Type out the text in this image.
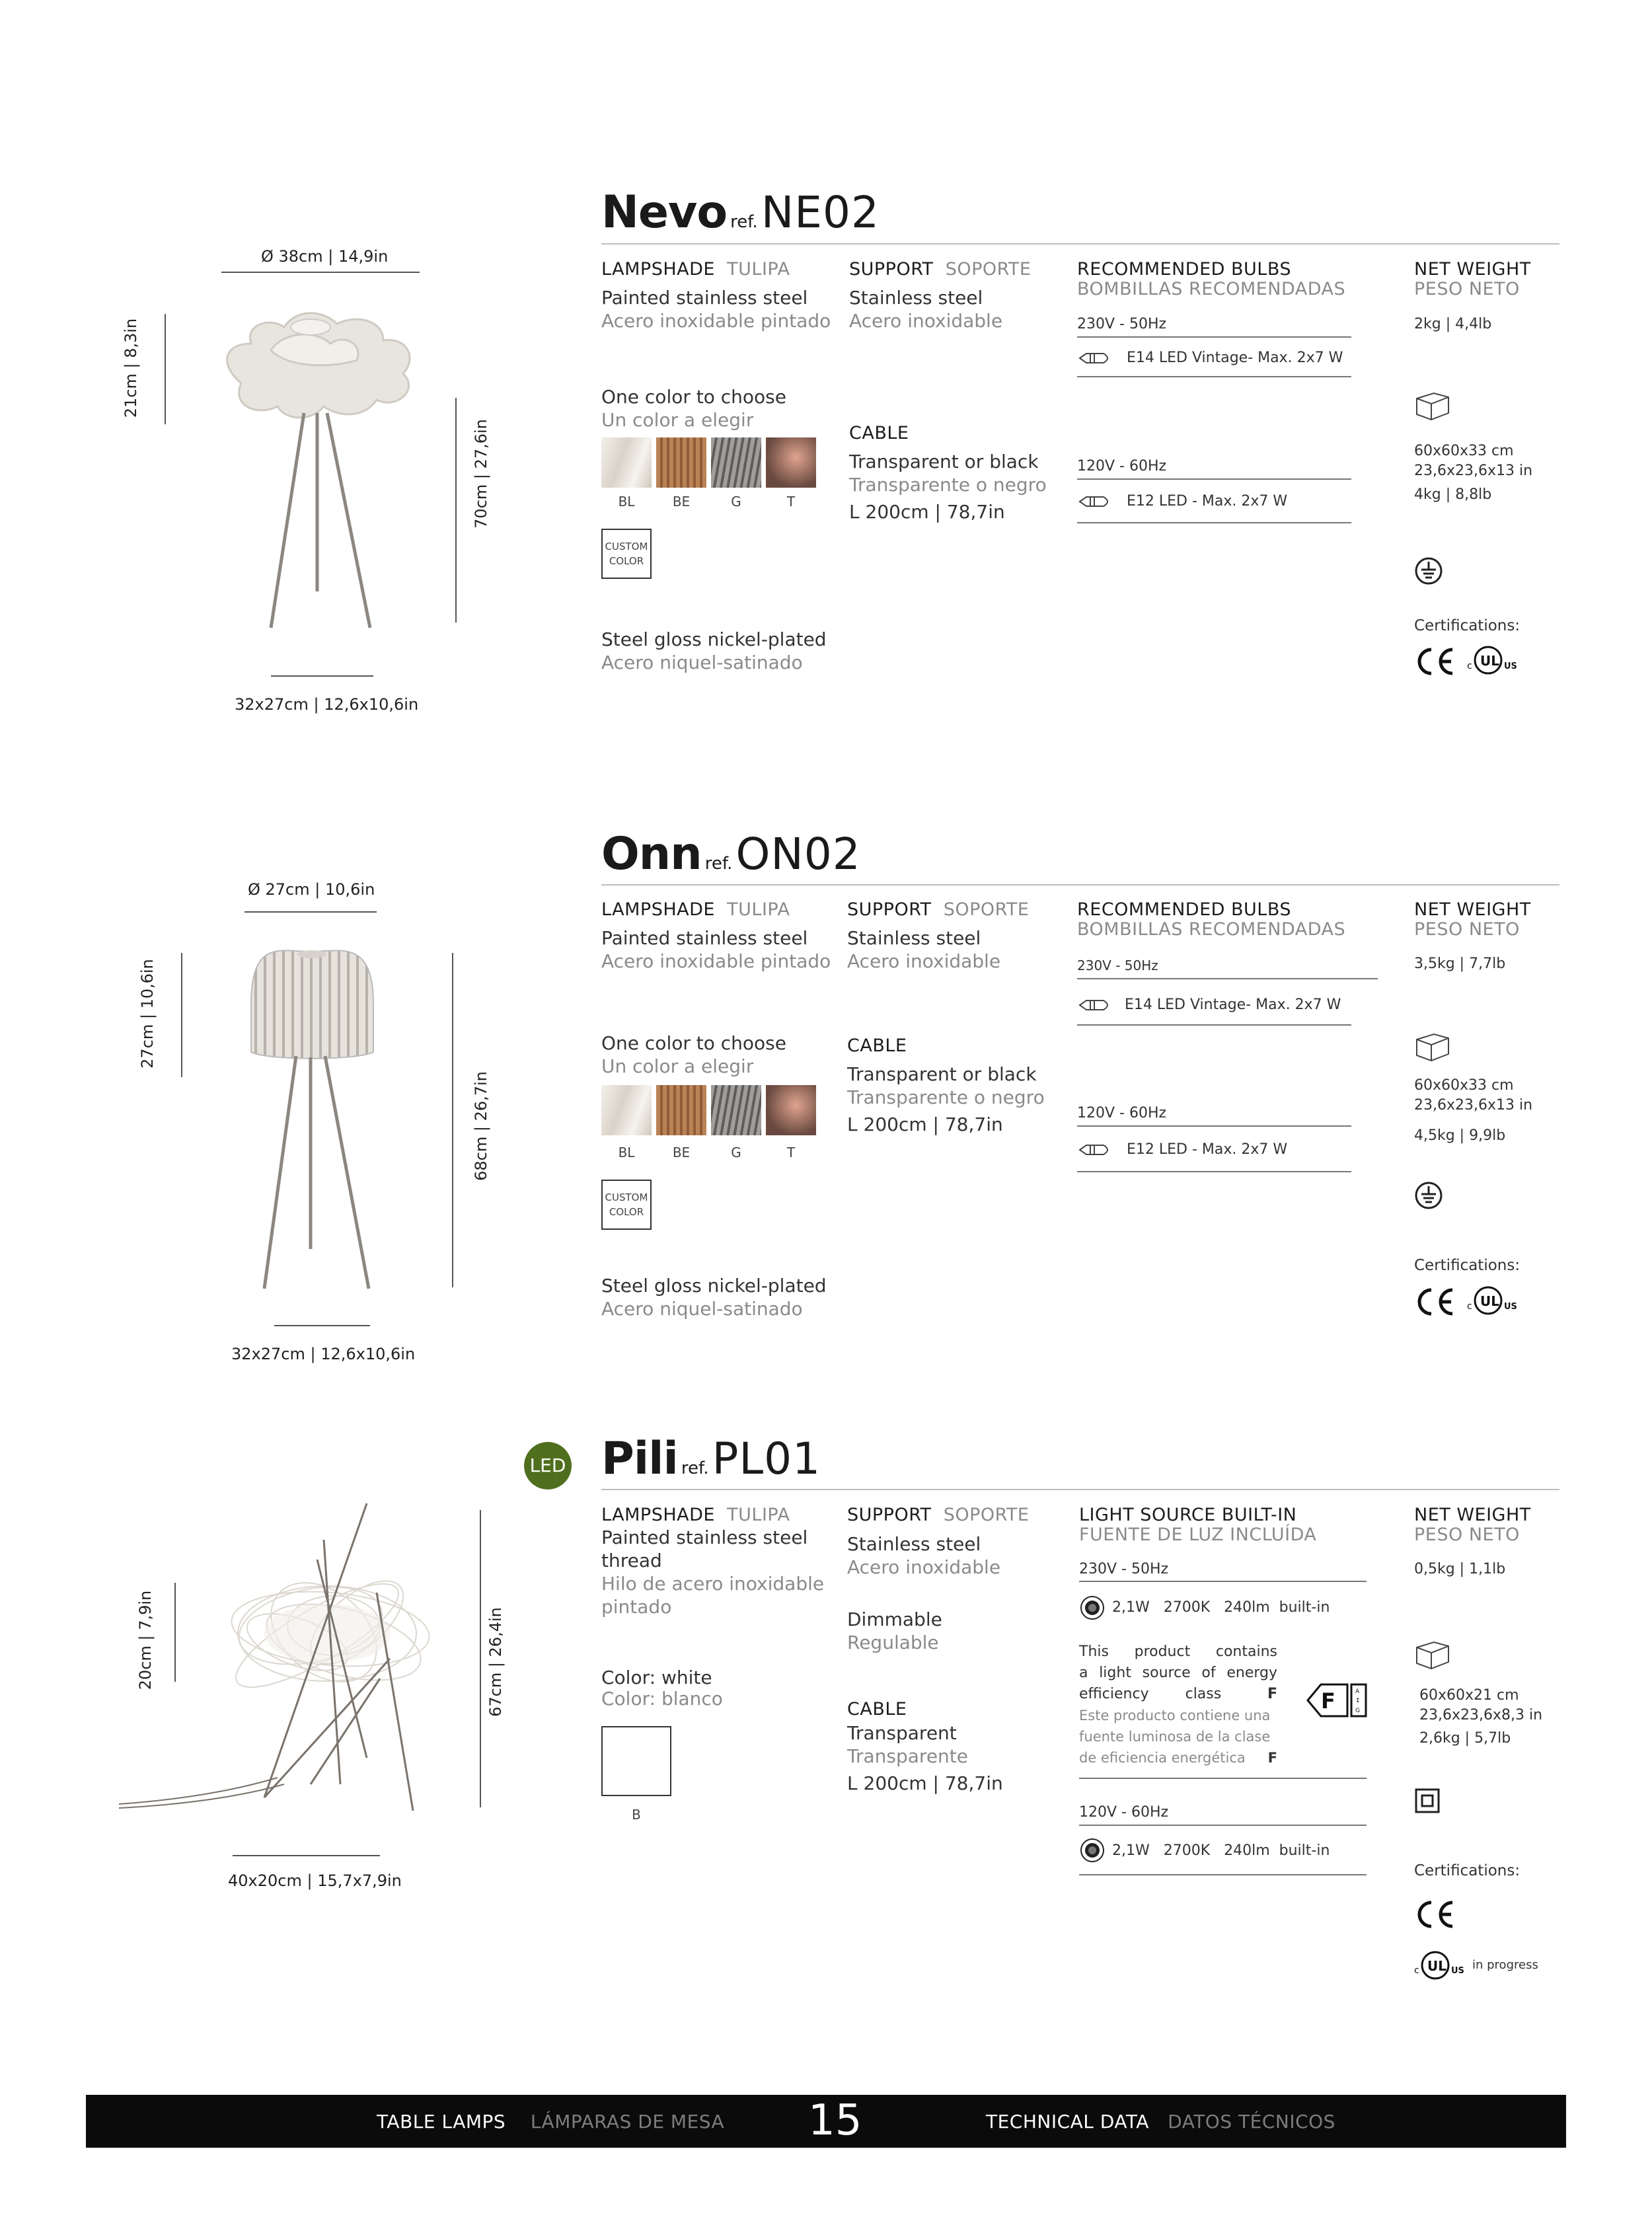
Nevo ref. NE02
Ø 38cm | 14,9in
21cm | 8,3in
70cm | 27,6in
32x27cm | 12,6x10,6in
LAMPSHADE TULIPA
Painted stainless steel
Acero inoxidable pintado
One color to choose
Un color a elegir
BL	BE	G	T
CUSTOM
COLOR
Steel gloss nickel-plated
Acero niquel-satinado
SUPPORT SOPORTE
Stainless steel
Acero inoxidable
CABLE
Transparent or black
Transparente o negro
L 200cm | 78,7in
RECOMMENDED BULBS
BOMBILLAS RECOMENDADAS
230V - 50Hz
E14 LED Vintage- Max. 2x7 W
120V - 60Hz
E12 LED - Max. 2x7 W
NET WEIGHT
PESO NETO
2kg | 4,4lb
60x60x33 cm
23,6x23,6x13 in
4kg | 8,8lb
Certifications:
c UL US
Onn ref. ON02
Ø 27cm | 10,6in
27cm | 10,6in
68cm | 26,7in
32x27cm | 12,6x10,6in
LAMPSHADE TULIPA
Painted stainless steel
Acero inoxidable pintado
One color to choose
Un color a elegir
BL	BE	G	T
CUSTOM
COLOR
Steel gloss nickel-plated
Acero niquel-satinado
SUPPORT SOPORTE
Stainless steel
Acero inoxidable
CABLE
Transparent or black
Transparente o negro
L 200cm | 78,7in
RECOMMENDED BULBS
BOMBILLAS RECOMENDADAS
230V - 50Hz
E14 LED Vintage- Max. 2x7 W
120V - 60Hz
E12 LED - Max. 2x7 W
NET WEIGHT
PESO NETO
3,5kg | 7,7lb
60x60x33 cm
23,6x23,6x13 in
4,5kg | 9,9lb
Certifications:
c UL US
LED Pili ref. PL01
20cm | 7,9in	67cm | 26,4in
40x20cm | 15,7x7,9in
LAMPSHADE TULIPA
Painted stainless steel
thread
Hilo de acero inoxidable
pintado
Color: white
Color: blanco
B
SUPPORT SOPORTE
Stainless steel
Acero inoxidable
Dimmable
Regulable
CABLE
Transparent
Transparente
L 200cm | 78,7in
LIGHT SOURCE BUILT-IN
FUENTE DE LUZ INCLUÍDA
230V - 50Hz
2,1W   2700K   240lm  built-in
This product contains
a light source of energy
efficiency class	F
Este producto contiene una
fuente luminosa de la clase
de eficiencia energética F
F	A
↕
G
120V - 60Hz
2,1W   2700K   240lm  built-in
NET WEIGHT
PESO NETO
0,5kg | 1,1lb
60x60x21 cm
23,6x23,6x8,3 in
2,6kg | 5,7lb
Certifications:
c UL US in progress
TABLE LAMPS LÁMPARAS DE MESA 15	TECHNICAL DATA DATOS TÉCNICOS
